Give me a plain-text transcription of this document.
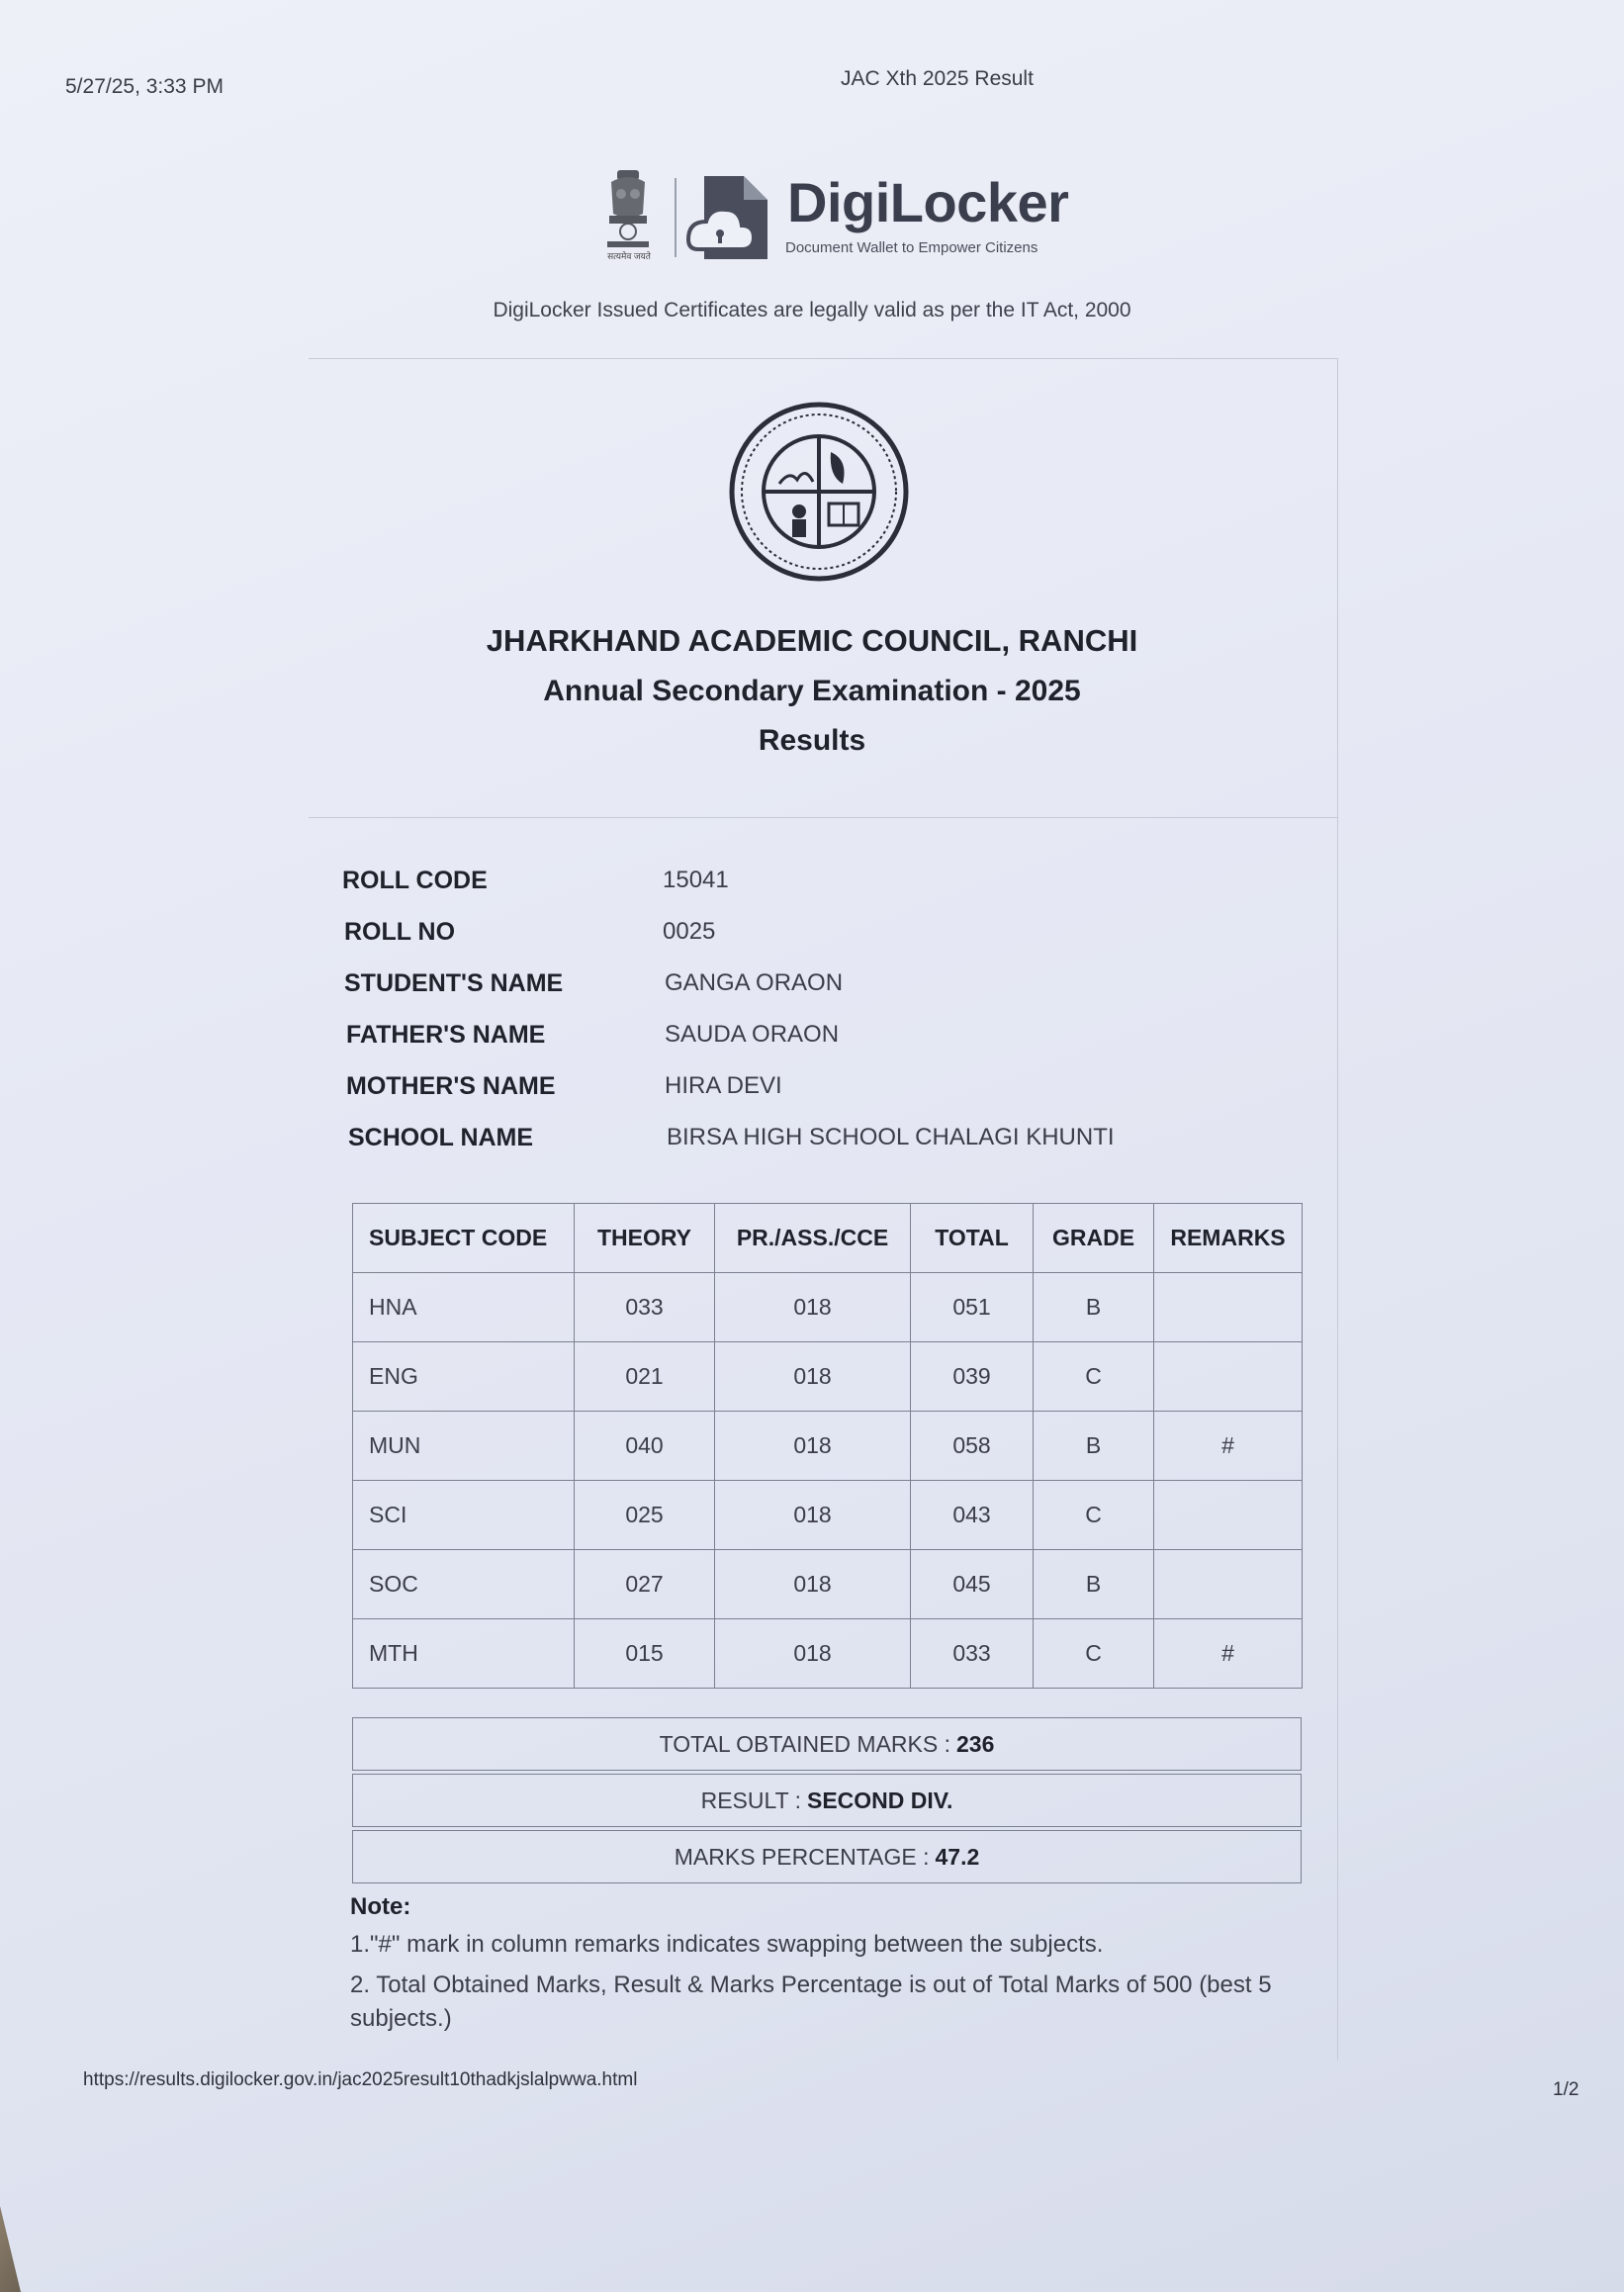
5/27/25, 3:33 PM	JAC Xth 2025 Result
सत्यमेव जयते
DigiLocker
Document Wallet to Empower Citizens
DigiLocker Issued Certificates are legally valid as per the IT Act, 2000
JHARKHAND ACADEMIC COUNCIL, RANCHI
Annual Secondary Examination - 2025
Results
ROLL CODE	15041
ROLL NO	0025
STUDENT'S NAME	GANGA ORAON
FATHER'S NAME	SAUDA ORAON
MOTHER'S NAME	HIRA DEVI
SCHOOL NAME	BIRSA HIGH SCHOOL CHALAGI KHUNTI
SUBJECT CODE	THEORY	PR./ASS./CCE	TOTAL	GRADE	REMARKS
HNA	033	018	051	B	
ENG	021	018	039	C	
MUN	040	018	058	B	#
SCI	025	018	043	C	
SOC	027	018	045	B	
MTH	015	018	033	C	#
TOTAL OBTAINED MARKS : 236
RESULT : SECOND DIV.
MARKS PERCENTAGE : 47.2
Note:
1."#" mark in column remarks indicates swapping between the subjects.
2. Total Obtained Marks, Result & Marks Percentage is out of Total Marks of 500 (best 5 subjects.)
https://results.digilocker.gov.in/jac2025result10thadkjslalpwwa.html	1/2
